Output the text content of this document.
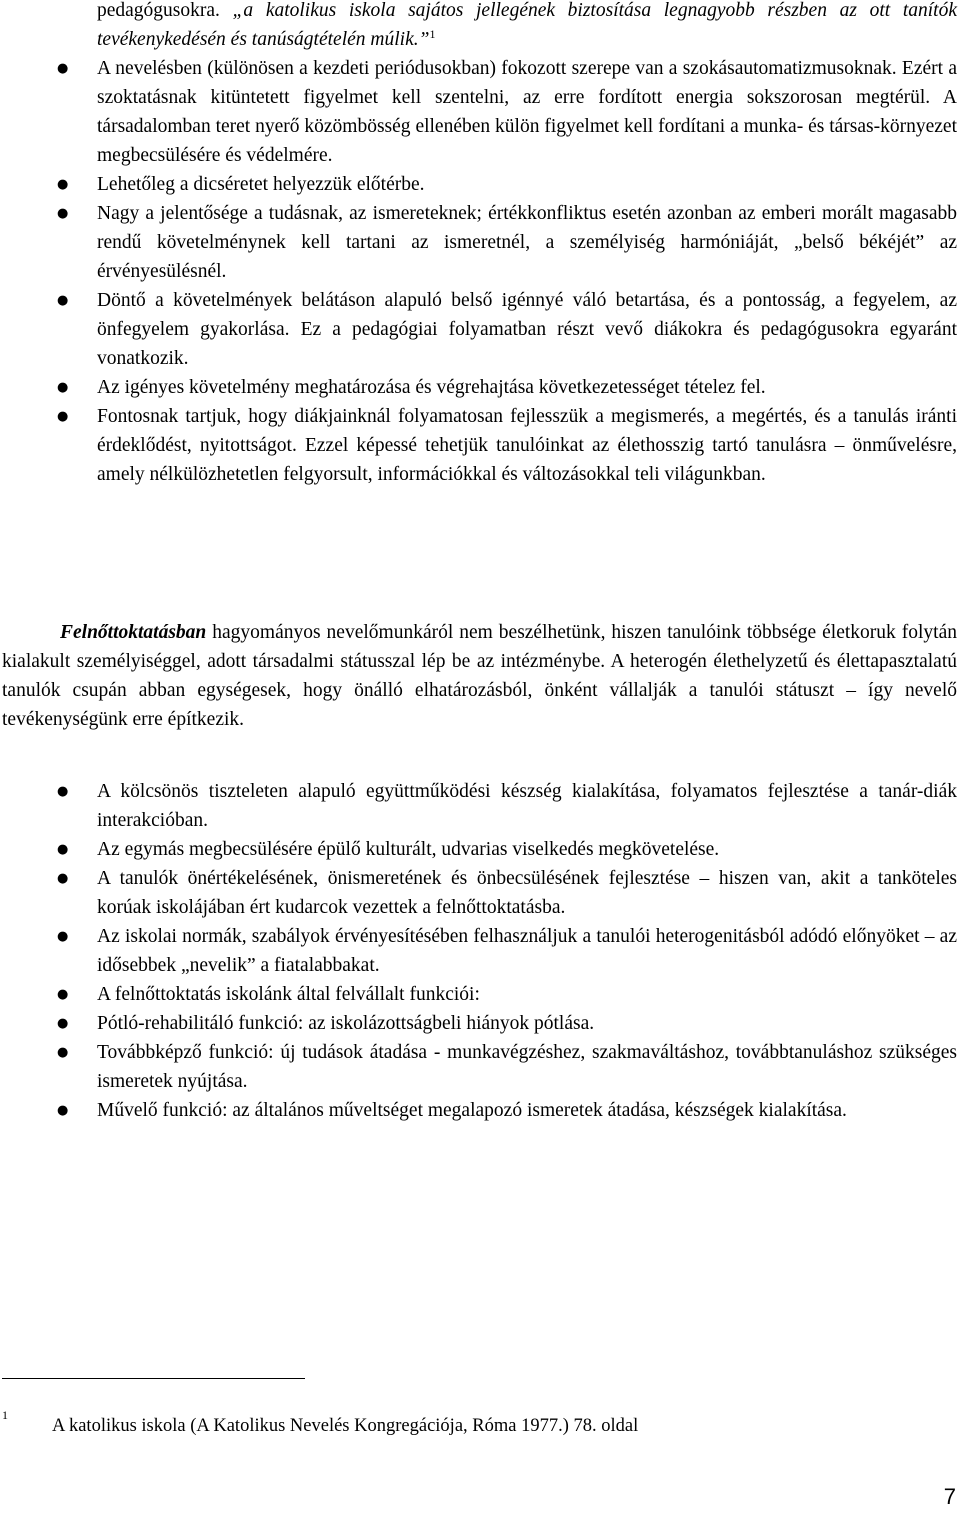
pedagógusokra. „a katolikus iskola sajátos jellegének biztosítása legnagyobb részben az ott tanítók tevékenykedésén és tanúságtételén múlik.”$^1$
● A nevelésben (különösen a kezdeti periódusokban) fokozott szerepe van a szokásautomatizmusoknak. Ezért a szoktatásnak kitüntetett figyelmet kell szentelni, az erre fordított energia sokszorosan megtérül. A társadalomban teret nyerő közömbösség ellenében külön figyelmet kell fordítani a munka- és társas-környezet megbecsülésére és védelmére.
● Lehetőleg a dicséretet helyezzük előtérbe.
● Nagy a jelentősége a tudásnak, az ismereteknek; értékkonfliktus esetén azonban az emberi morált magasabb rendű követelménynek kell tartani az ismeretnél, a személyiség harmóniáját, „belső békéjét” az érvényesülésnél.
● Döntő a követelmények belátáson alapuló belső igénnyé váló betartása, és a pontosság, a fegyelem, az önfegyelem gyakorlása. Ez a pedagógiai folyamatban részt vevő diákokra és pedagógusokra egyaránt vonatkozik.
● Az igényes követelmény meghatározása és végrehajtása következetességet tételez fel.
● Fontosnak tartjuk, hogy diákjainknál folyamatosan fejlesszük a megismerés, a megértés, és a tanulás iránti érdeklődést, nyitottságot. Ezzel képessé tehetjük tanulóinkat az élethosszig tartó tanulásra – önművelésre, amely nélkülözhetetlen felgyorsult, információkkal és változásokkal teli világunkban.
Felnőttoktatásban hagyományos nevelőmunkáról nem beszélhetünk, hiszen tanulóink többsége életkoruk folytán kialakult személyiséggel, adott társadalmi státusszal lép be az intézménybe. A heterogén élethelyzetű és élettapasztalatú tanulók csupán abban egységesek, hogy önálló elhatározásból, önként vállalják a tanulói státuszt – így nevelő tevékenységünk erre építkezik.
● A kölcsönös tiszteleten alapuló együttműködési készség kialakítása, folyamatos fejlesztése a tanár-diák interakcióban.
● Az egymás megbecsülésére épülő kulturált, udvarias viselkedés megkövetelése.
● A tanulók önértékelésének, önismeretének és önbecsülésének fejlesztése – hiszen van, akit a tanköteles korúak iskolájában ért kudarcok vezettek a felnőttoktatásba.
● Az iskolai normák, szabályok érvényesítésében felhasználjuk a tanulói heterogenitásból adódó előnyöket – az idősebbek „nevelik” a fiatalabbakat.
● A felnőttoktatás iskolánk által felvállalt funkciói:
● Pótló-rehabilitáló funkció: az iskolázottságbeli hiányok pótlása.
● Továbbképző funkció: új tudások átadása - munkavégzéshez, szakmaváltáshoz, továbbtanuláshoz szükséges ismeretek nyújtása.
● Művelő funkció: az általános műveltséget megalapozó ismeretek átadása, készségek kialakítása.
1
A katolikus iskola (A Katolikus Nevelés Kongregációja, Róma 1977.) 78. oldal
7
